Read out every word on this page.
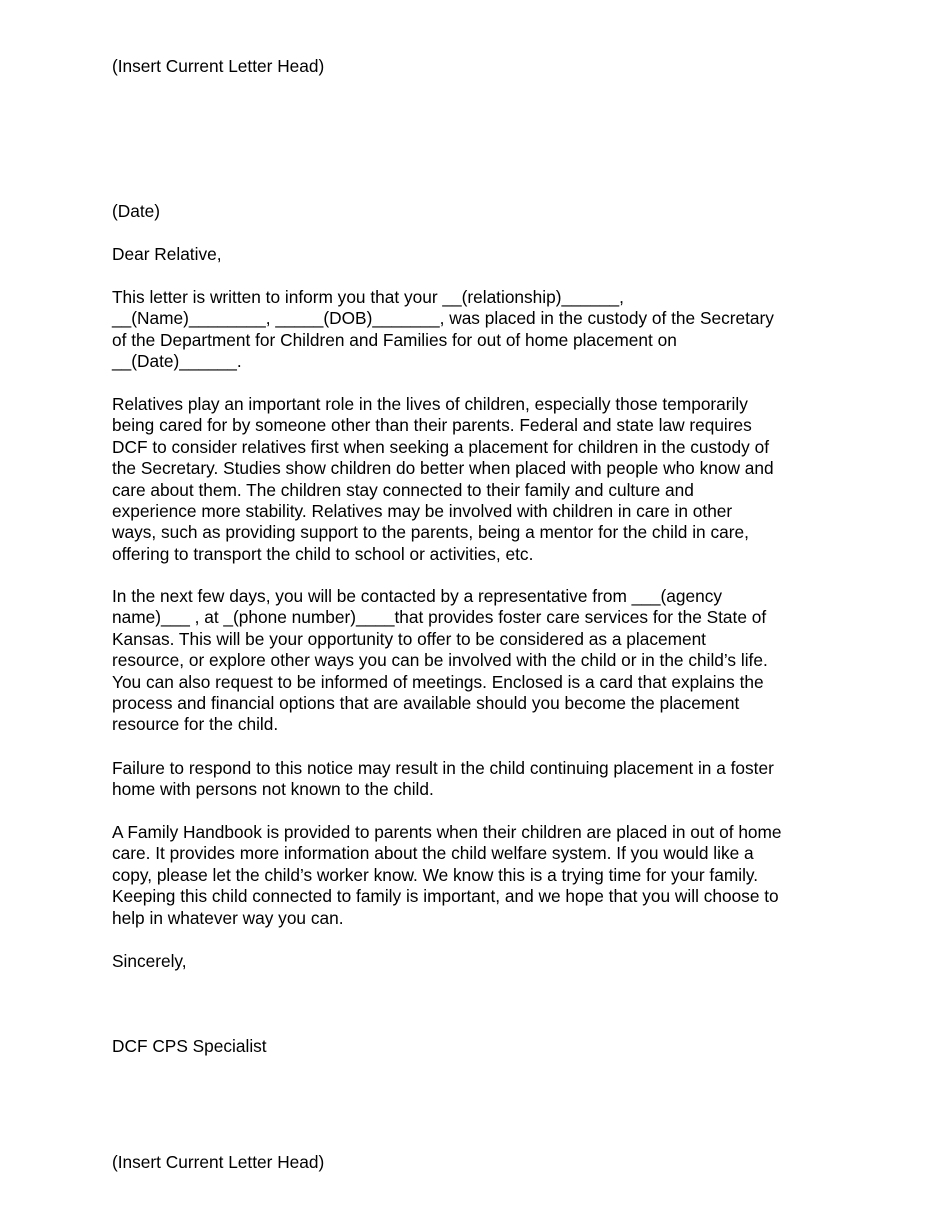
(Insert Current Letter Head)

(Date)

Dear Relative,

This letter is written to inform you that your __(relationship)______,
__(Name)________, _____(DOB)_______, was placed in the custody of the Secretary
of the Department for Children and Families for out of home placement on
__(Date)______.
Relatives play an important role in the lives of children, especially those temporarily
being cared for by someone other than their parents. Federal and state law requires
DCF to consider relatives first when seeking a placement for children in the custody of
the Secretary. Studies show children do better when placed with people who know and
care about them. The children stay connected to their family and culture and
experience more stability. Relatives may be involved with children in care in other
ways, such as providing support to the parents, being a mentor for the child in care,
offering to transport the child to school or activities, etc.
In the next few days, you will be contacted by a representative from ___(agency
name)___ , at _(phone number)____that provides foster care services for the State of
Kansas. This will be your opportunity to offer to be considered as a placement
resource, or explore other ways you can be involved with the child or in the child’s life.
You can also request to be informed of meetings. Enclosed is a card that explains the
process and financial options that are available should you become the placement
resource for the child.
Failure to respond to this notice may result in the child continuing placement in a foster
home with persons not known to the child.
A Family Handbook is provided to parents when their children are placed in out of home
care. It provides more information about the child welfare system. If you would like a
copy, please let the child’s worker know. We know this is a trying time for your family.
Keeping this child connected to family is important, and we hope that you will choose to
help in whatever way you can.

Sincerely,

DCF CPS Specialist

(Insert Current Letter Head)
